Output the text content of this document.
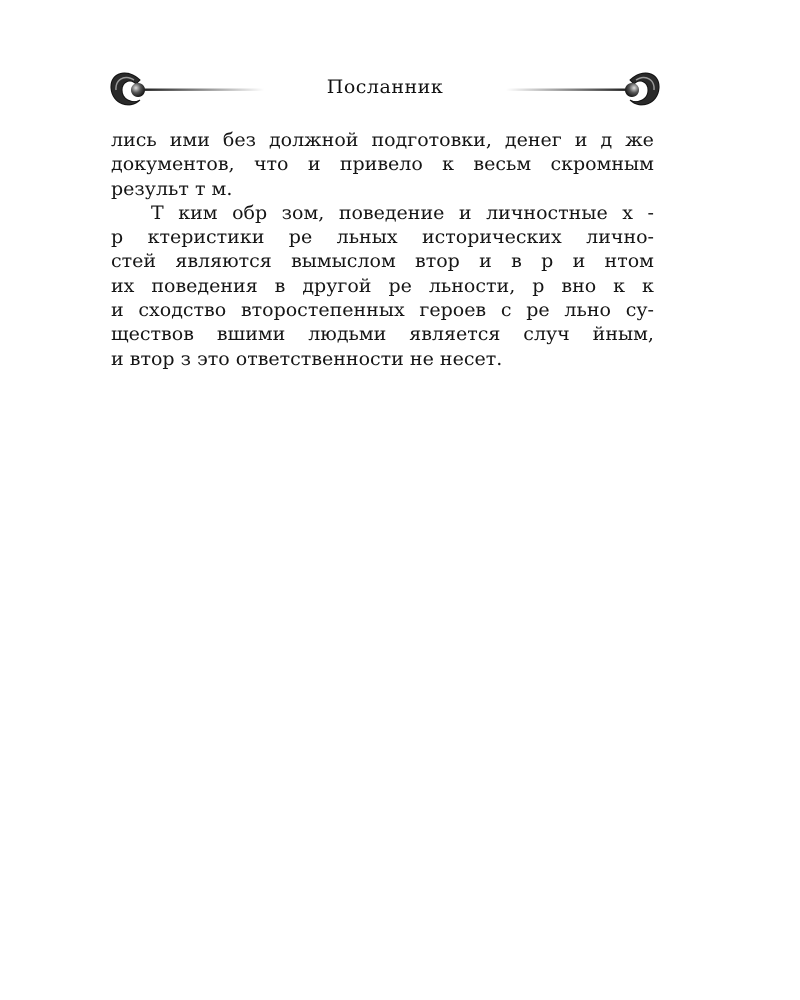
Посланник
лись ими без должной подготовки, денег и д же
документов, что и привело к весьм скромным
результ т м.
Т ким обр зом, поведение и личностные х -
р ктеристики ре льных исторических лично-
стей являются вымыслом втор и в р и нтом
их поведения в другой ре льности, р вно к к
и сходство второстепенных героев с ре льно су-
ществов вшими людьми является случ йным,
и втор з это ответственности не несет.
